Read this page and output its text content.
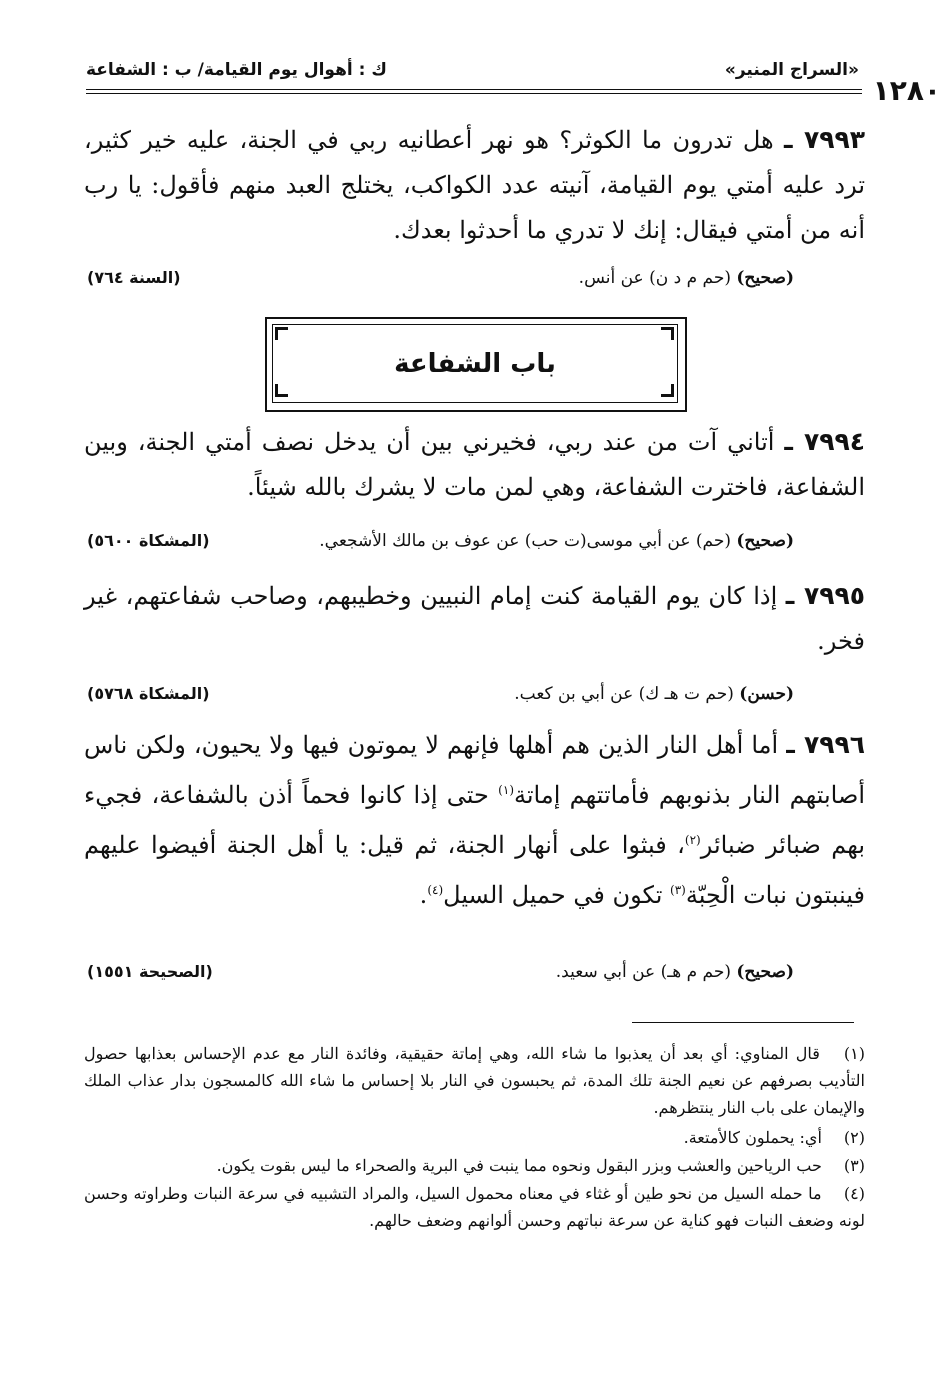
١٢٨٠
«السراج المنير»
ك : أهوال يوم القيامة/ ب : الشفاعة
٧٩٩٣ ـ هل تدرون ما الكوثر؟ هو نهر أعطانيه ربي في الجنة، عليه خير كثير، ترد عليه أمتي يوم القيامة، آنيته عدد الكواكب، يختلج العبد منهم فأقول: يا رب أنه من أمتي فيقال: إنك لا تدري ما أحدثوا بعدك.
(صحيح) (حم م د ن) عن أنس.
(السنة ٧٦٤)
باب الشفاعة
٧٩٩٤ ـ أتاني آت من عند ربي، فخيرني بين أن يدخل نصف أمتي الجنة، وبين الشفاعة، فاخترت الشفاعة، وهي لمن مات لا يشرك بالله شيئاً.
(صحيح) (حم) عن أبي موسى(ت حب) عن عوف بن مالك الأشجعي.
(المشكاة ٥٦٠٠)
٧٩٩٥ ـ إذا كان يوم القيامة كنت إمام النبيين وخطيبهم، وصاحب شفاعتهم، غير فخر.
(حسن) (حم ت هـ ك) عن أبي بن كعب.
(المشكاة ٥٧٦٨)
٧٩٩٦ ـ أما أهل النار الذين هم أهلها فإنهم لا يموتون فيها ولا يحيون، ولكن ناس أصابتهم النار بذنوبهم فأماتتهم إماتة$^{(١)}$ حتى إذا كانوا فحماً أذن بالشفاعة، فجيء بهم ضبائر ضبائر$^{(٢)}$، فبثوا على أنهار الجنة، ثم قيل: يا أهل الجنة أفيضوا عليهم فينبتون نبات الْحِبّة$^{(٣)}$ تكون في حميل السيل$^{(٤)}$.
(صحيح) (حم م هـ) عن أبي سعيد.
(الصحيحة ١٥٥١)
(١) قال المناوي: أي بعد أن يعذبوا ما شاء الله، وهي إماتة حقيقية، وفائدة النار مع عدم الإحساس بعذابها حصول التأديب بصرفهم عن نعيم الجنة تلك المدة، ثم يحبسون في النار بلا إحساس ما شاء الله كالمسجون بدار عذاب الملك والإيمان على باب النار ينتظرهم.
(٢) أي: يحملون كالأمتعة.
(٣) حب الرياحين والعشب وبزر البقول ونحوه مما ينبت في البرية والصحراء ما ليس بقوت يكون.
(٤) ما حمله السيل من نحو طين أو غثاء في معناه محمول السيل، والمراد التشبيه في سرعة النبات وطراوته وحسن لونه وضعف النبات فهو كناية عن سرعة نباتهم وحسن ألوانهم وضعف حالهم.
